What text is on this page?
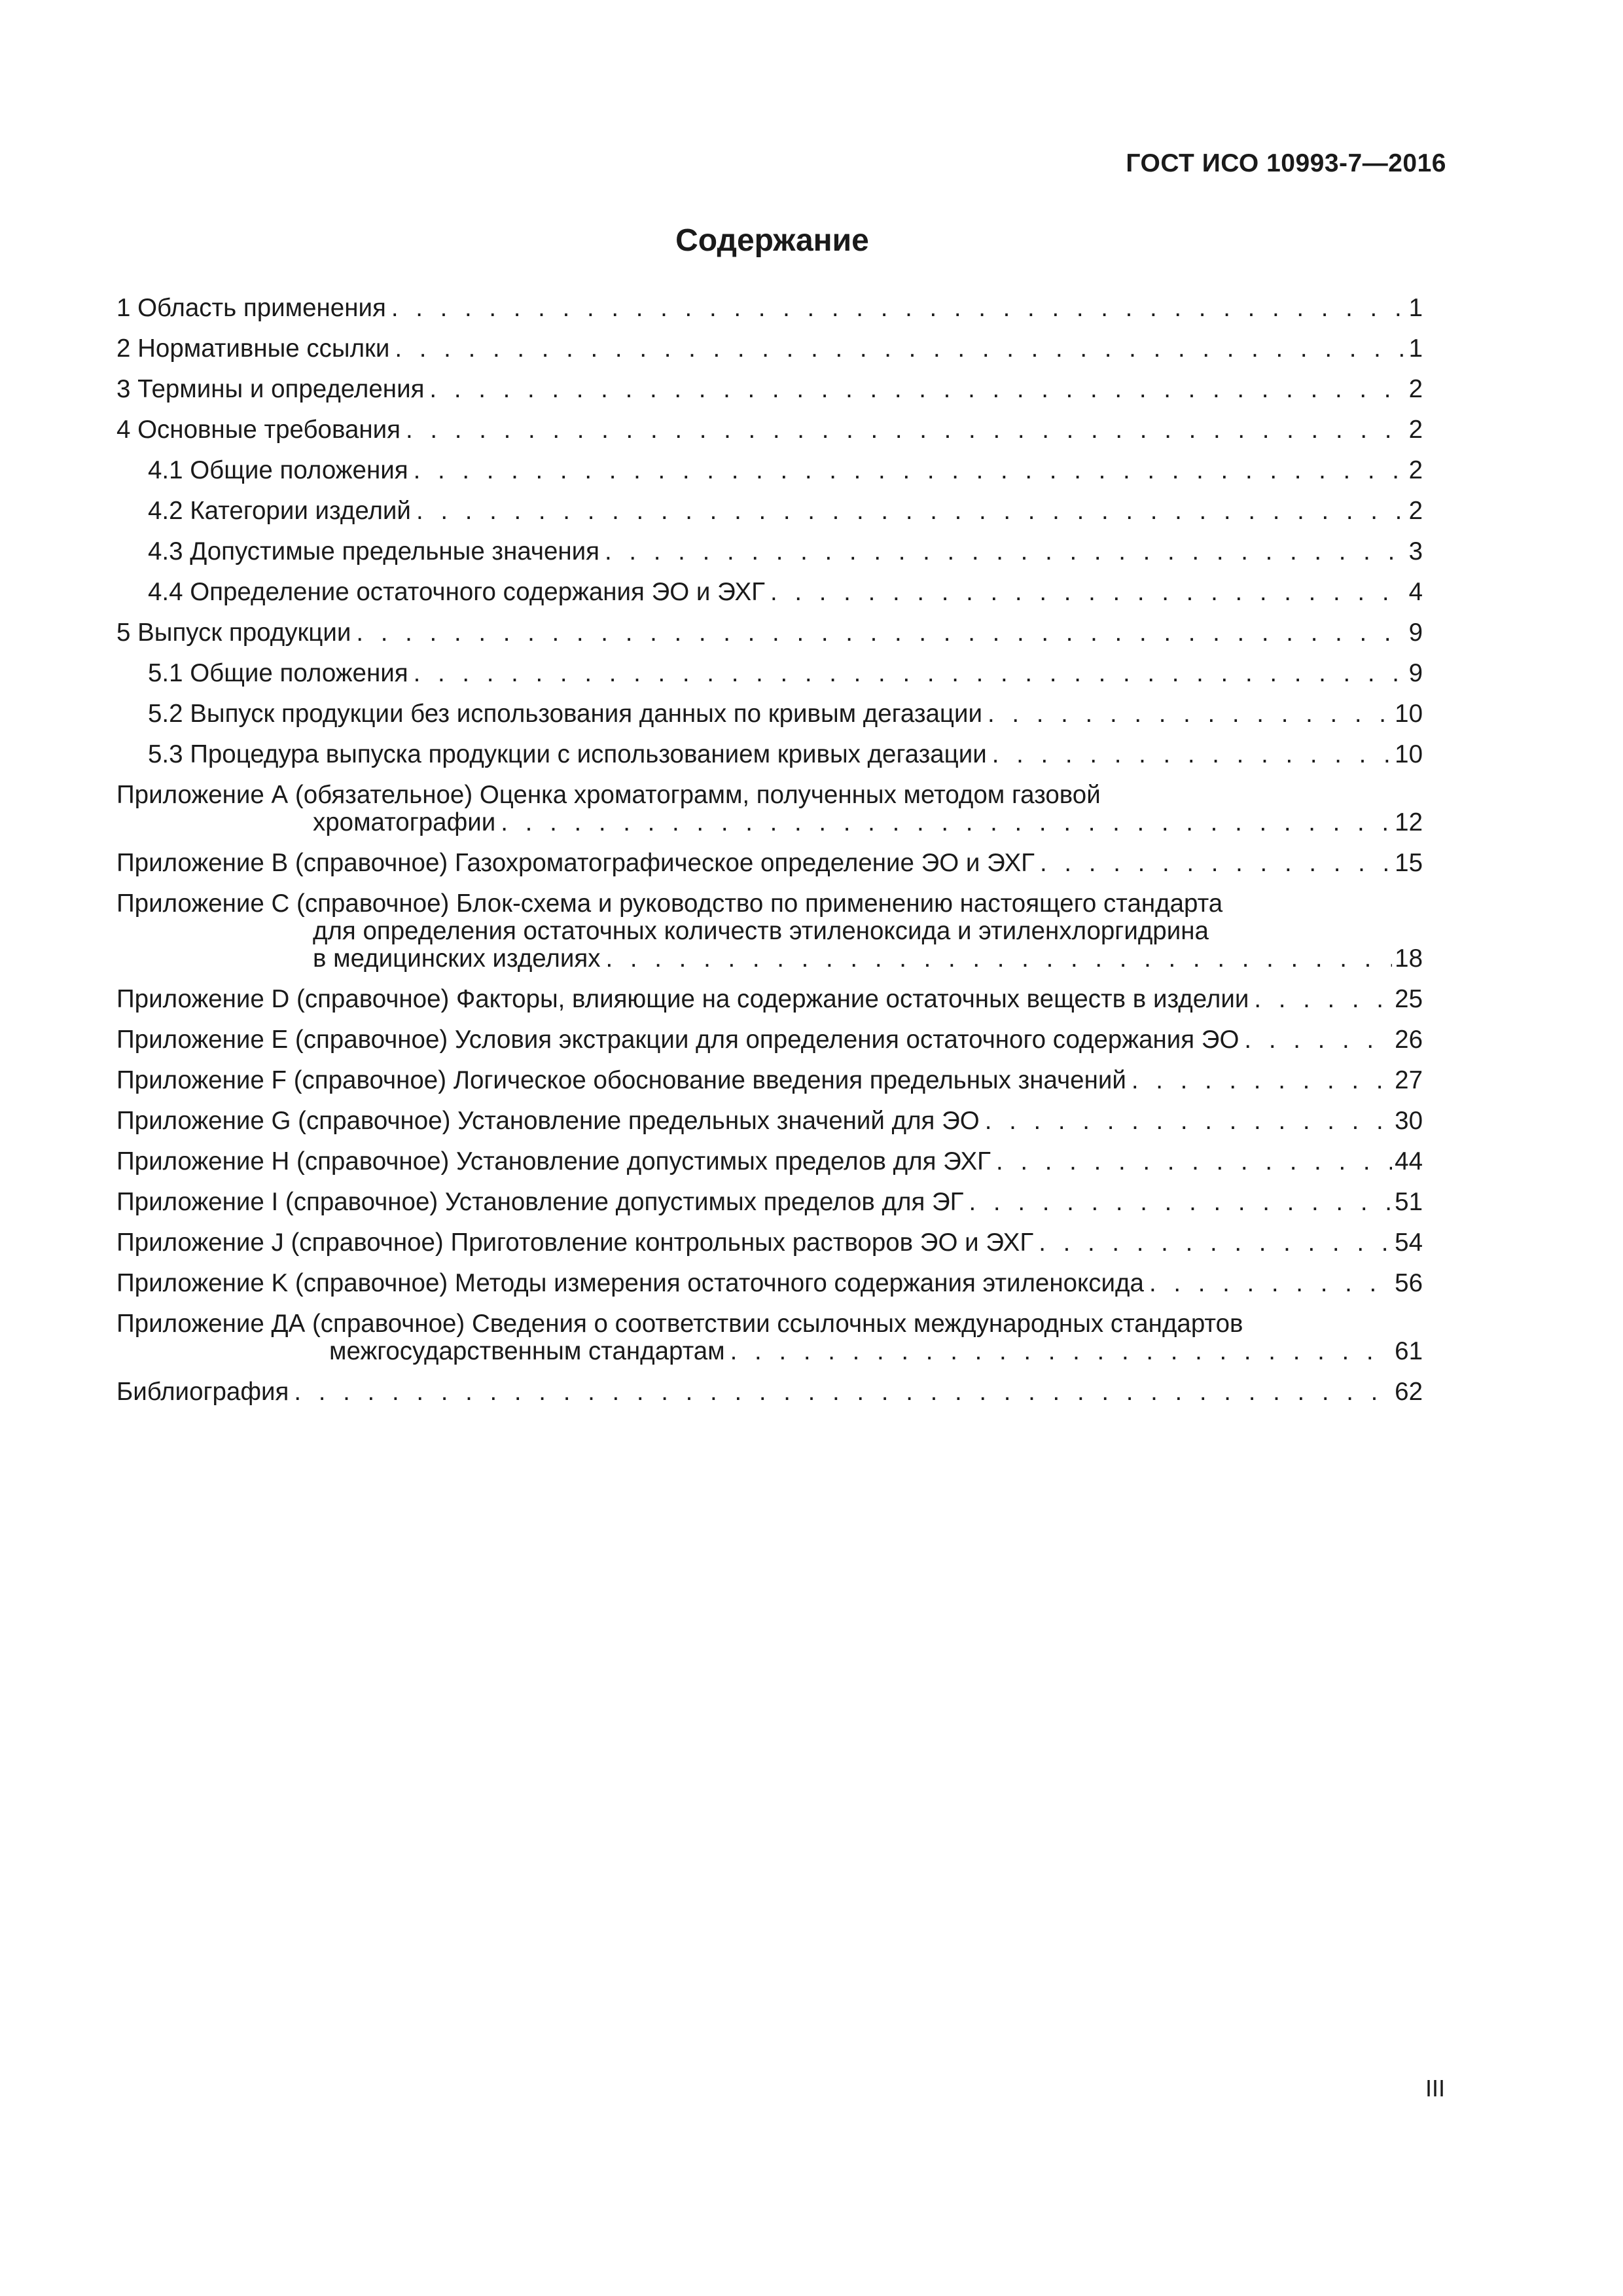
ГОСТ ИСО 10993-7—2016
Содержание
1 Область применения . . .	1
2 Нормативные ссылки . . .	1
3 Термины и определения . . .	2
4 Основные требования . . .	2
4.1 Общие положения . . .	2
4.2 Категории изделий . . .	2
4.3 Допустимые предельные значения . . .	3
4.4 Определение остаточного содержания ЭО и ЭХГ . . .	4
5 Выпуск продукции . . .	9
5.1 Общие положения . . .	9
5.2 Выпуск продукции без использования данных по кривым дегазации . . .	10
5.3 Процедура выпуска продукции с использованием кривых дегазации . . .	10
Приложение А (обязательное) Оценка хроматограмм, полученных методом газовой
хроматографии . . .	12
Приложение В (справочное) Газохроматографическое определение ЭО и ЭХГ . . .	15
Приложение С (справочное) Блок-схема и руководство по применению настоящего стандарта
для определения остаточных количеств этиленоксида и этиленхлоргидрина
в медицинских изделиях . . .	18
Приложение D (справочное) Факторы, влияющие на содержание остаточных веществ в изделии . . .	25
Приложение E (справочное) Условия экстракции для определения остаточного содержания ЭО . . .	26
Приложение F (справочное) Логическое обоснование введения предельных значений . . .	27
Приложение G (справочное) Установление предельных значений для ЭО . . .	30
Приложение H (справочное) Установление допустимых пределов для ЭХГ . . .	44
Приложение I (справочное) Установление допустимых пределов для ЭГ . . .	51
Приложение J (справочное) Приготовление контрольных растворов ЭО и ЭХГ . . .	54
Приложение K (справочное) Методы измерения остаточного содержания этиленоксида . . .	56
Приложение ДА (справочное) Сведения о соответствии ссылочных международных стандартов
межгосударственным стандартам . . .	61
Библиография . . .	62
III
